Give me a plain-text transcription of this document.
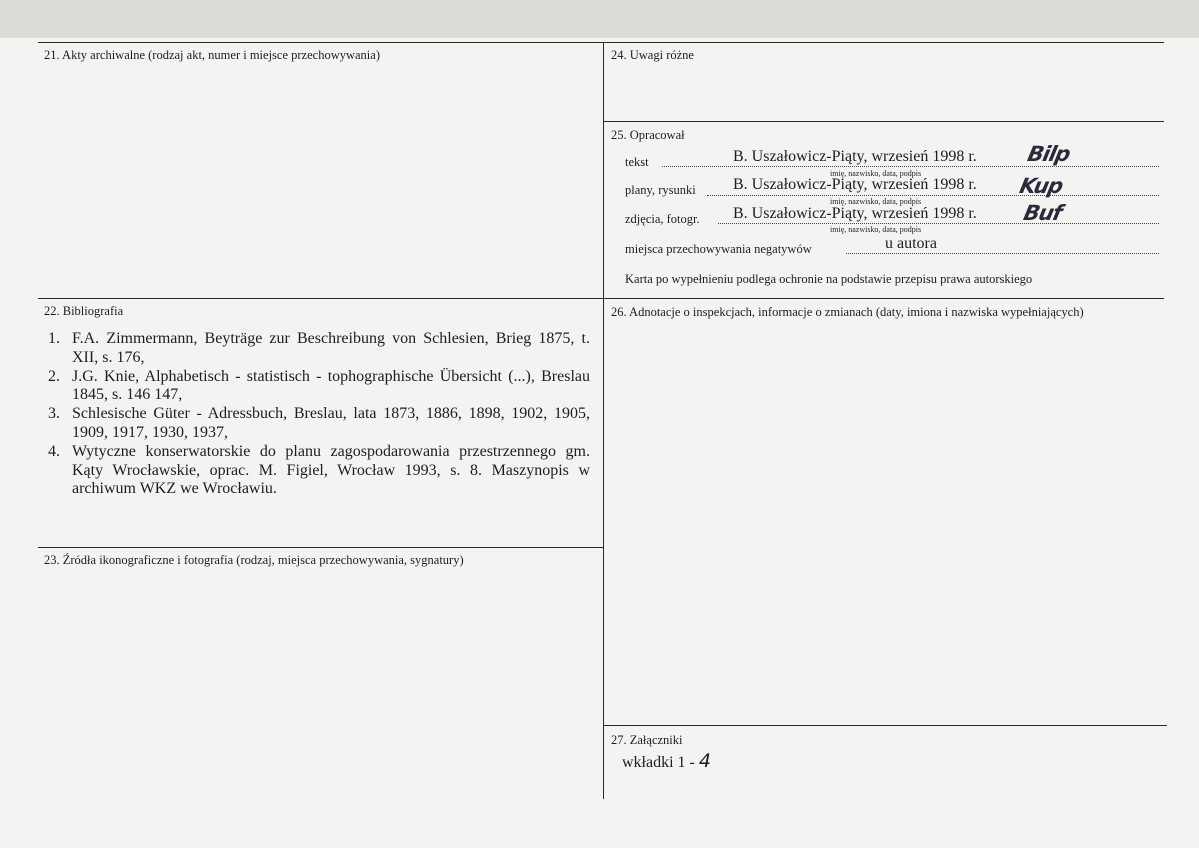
21. Akty archiwalne (rodzaj akt, numer i miejsce przechowywania)
22. Bibliografia
1. F.A. Zimmermann, Beyträge zur Beschreibung von Schlesien, Brieg 1875, t. XII, s. 176,
2. J.G. Knie, Alphabetisch - statistisch - tophographische Übersicht (...), Breslau 1845, s. 146 147,
3. Schlesische Güter - Adressbuch, Breslau, lata 1873, 1886, 1898, 1902, 1905, 1909, 1917, 1930, 1937,
4. Wytyczne konserwatorskie do planu zagospodarowania przestrzennego gm. Kąty Wrocławskie, oprac. M. Figiel, Wrocław 1993, s. 8. Maszynopis w archiwum WKZ we Wrocławiu.
23. Źródła ikonograficzne i fotografia (rodzaj, miejsca przechowywania, sygnatury)
24. Uwagi różne
25. Opracował
tekst	B. Uszałowicz-Piąty, wrzesień 1998 r.
imię, nazwisko, data, podpis
Bilp
plany, rysunki B. Uszałowicz-Piąty, wrzesień 1998 r.
imię, nazwisko, data, podpis
Kup
zdjęcia, fotogr. B. Uszałowicz-Piąty, wrzesień 1998 r.
imię, nazwisko, data, podpis
Buf
miejsca przechowywania negatywów	u autora
Karta po wypełnieniu podlega ochronie na podstawie przepisu prawa autorskiego
26. Adnotacje o inspekcjach, informacje o zmianach (daty, imiona i nazwiska wypełniających)
27. Załączniki
wkładki 1 - 4
